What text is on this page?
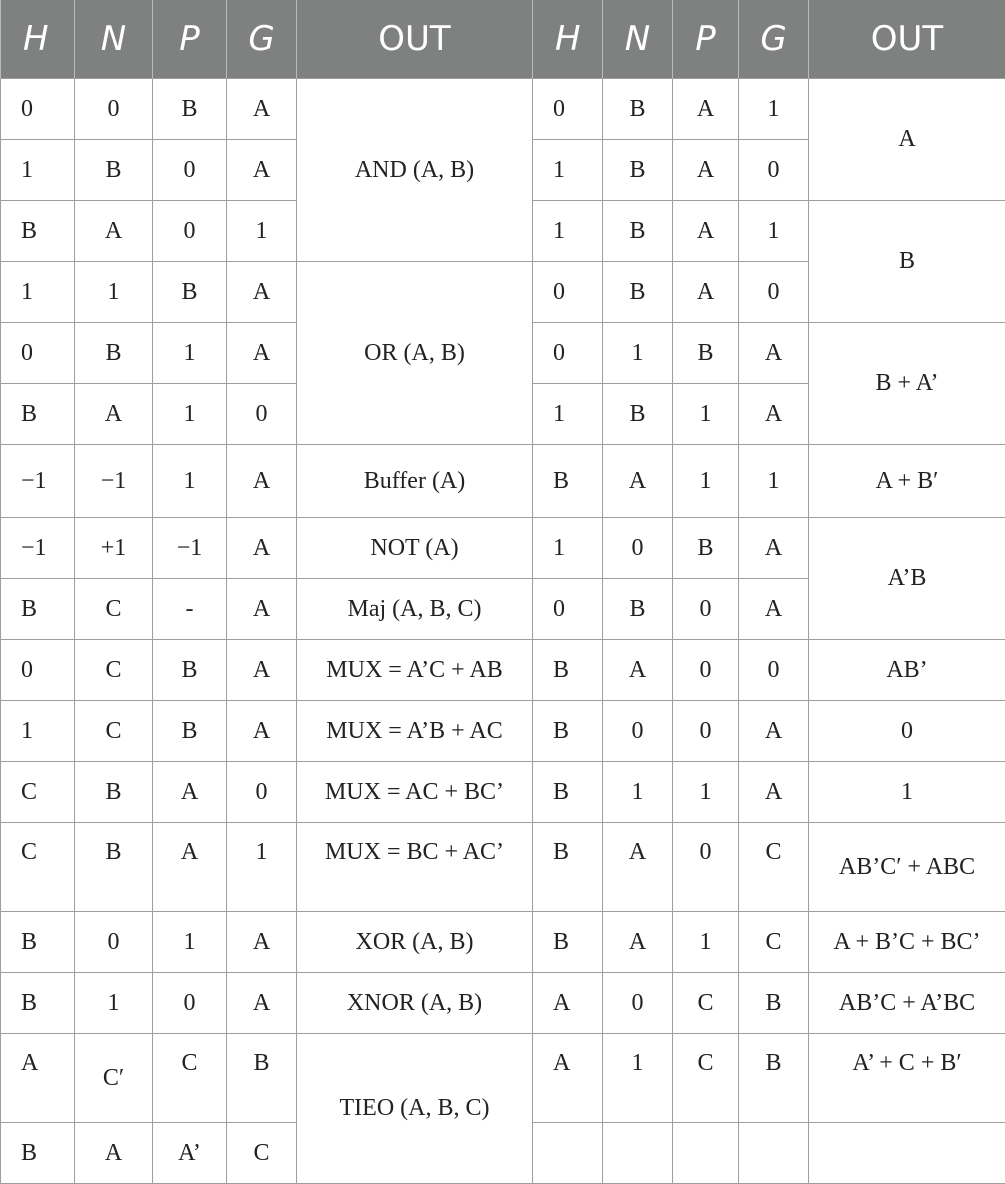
H	N	P	G	OUT	H	N	P	G	OUT
0	0	B	A	AND (A, B)	0	B	A	1	A
1	B	0	A		1	B	A	0	
B	A	0	1		1	B	A	1	B
1	1	B	A	OR (A, B)	0	B	A	0	
0	B	1	A		0	1	B	A	B + A’
B	A	1	0		1	B	1	A	
−1	−1	1	A	Buffer (A)	B	A	1	1	A + B′
−1	+1	−1	A	NOT (A)	1	0	B	A	A’B
B	C	-	A	Maj (A, B, C)	0	B	0	A	
0	C	B	A	MUX = A’C + AB	B	A	0	0	AB’
1	C	B	A	MUX = A’B + AC	B	0	0	A	0
C	B	A	0	MUX = AC + BC’	B	1	1	A	1
C	B	A	1	MUX = BC + AC’	B	A	0	C	AB’C′ + ABC
B	0	1	A	XOR (A, B)	B	A	1	C	A + B’C + BC’
B	1	0	A	XNOR (A, B)	A	0	C	B	AB’C + A’BC
A	C′	C	B	TIEO (A, B, C)	A	1	C	B	A’ + C + B′
B	A	A’	C						
